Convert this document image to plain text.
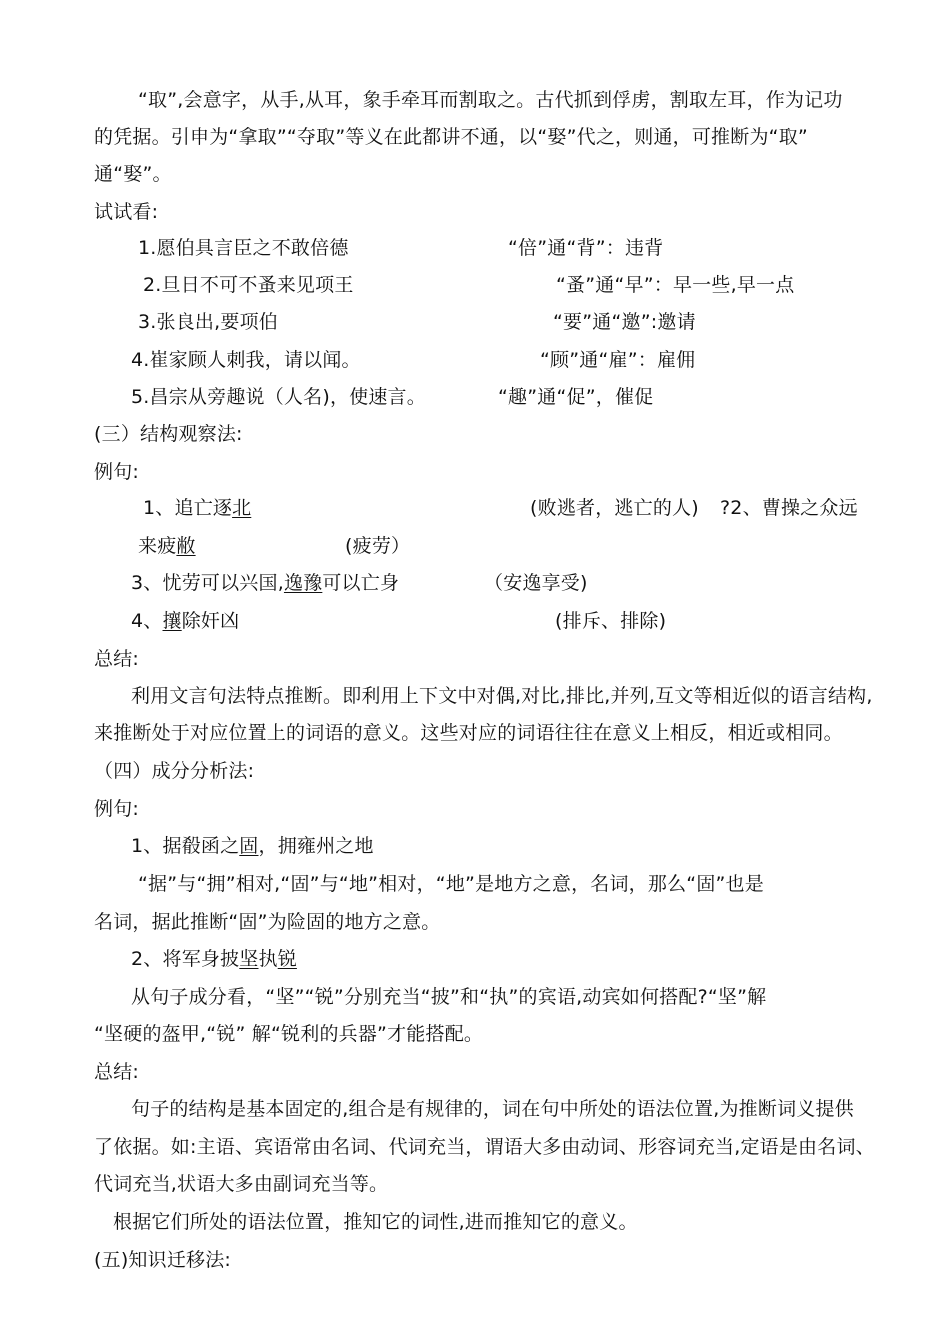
“取”,会意字，从手,从耳，象手牵耳而割取之。古代抓到俘虏，割取左耳，作为记功
的凭据。引申为“拿取”“夺取”等义在此都讲不通，以“娶”代之，则通，可推断为“取”
通“娶”。
试试看:
1.愿伯具言臣之不敢倍德	“倍”通“背”：违背
2.旦日不可不蚤来见项王	“蚤”通“早”：早一些,早一点
3.张良出,要项伯	“要”通“邀”:邀请
4.崔家顾人刺我，请以闻。	“顾”通“雇”：雇佣
5.昌宗从旁趣说（人名)，使速言。	“趣”通“促”，催促
(三）结构观察法:
例句:
1、追亡逐北	(败逃者，逃亡的人) ?2、曹操之众远
来疲敝	(疲劳）
3、忧劳可以兴国,逸豫可以亡身	（安逸享受)
4、攘除奸凶	(排斥、排除)
总结:
利用文言句法特点推断。即利用上下文中对偶,对比,排比,并列,互文等相近似的语言结构,
来推断处于对应位置上的词语的意义。这些对应的词语往往在意义上相反，相近或相同。
（四）成分分析法:
例句:
1、据殽函之固，拥雍州之地
“据”与“拥”相对,“固”与“地”相对，“地”是地方之意，名词，那么“固”也是
名词，据此推断“固”为险固的地方之意。
2、将军身披坚执锐
从句子成分看，“坚”“锐”分别充当“披”和“执”的宾语,动宾如何搭配?“坚”解
“坚硬的盔甲,“锐” 解“锐利的兵器”才能搭配。
总结:
句子的结构是基本固定的,组合是有规律的，词在句中所处的语法位置,为推断词义提供
了依据。如:主语、宾语常由名词、代词充当，谓语大多由动词、形容词充当,定语是由名词、
代词充当,状语大多由副词充当等。
根据它们所处的语法位置，推知它的词性,进而推知它的意义。
(五)知识迁移法:
